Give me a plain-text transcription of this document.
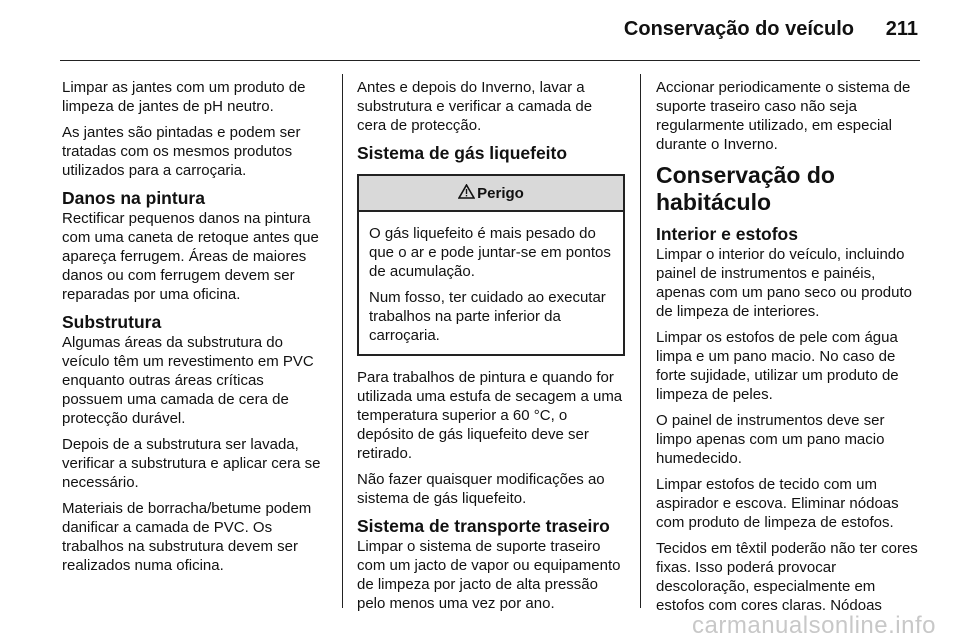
Conservação do veículo 211

Limpar as jantes com um produto de limpeza de jantes de pH neutro.

As jantes são pintadas e podem ser tratadas com os mesmos produtos utilizados para a carroçaria.

Danos na pintura

Rectificar pequenos danos na pintura com uma caneta de retoque antes que apareça ferrugem. Áreas de maiores danos ou com ferrugem devem ser reparadas por uma oficina.

Substrutura

Algumas áreas da substrutura do veículo têm um revestimento em PVC enquanto outras áreas críticas possuem uma camada de cera de protecção durável.

Depois de a substrutura ser lavada, verificar a substrutura e aplicar cera se necessário.

Materiais de borracha/betume podem danificar a camada de PVC. Os trabalhos na substrutura devem ser realizados numa oficina.

Antes e depois do Inverno, lavar a substrutura e verificar a camada de cera de protecção.

Sistema de gás liquefeito
Perigo

O gás liquefeito é mais pesado do que o ar e pode juntar-se em pontos de acumulação.

Num fosso, ter cuidado ao executar trabalhos na parte inferior da carroçaria.

Para trabalhos de pintura e quando for utilizada uma estufa de secagem a uma temperatura superior a 60 °C, o depósito de gás liquefeito deve ser retirado.

Não fazer quaisquer modificações ao sistema de gás liquefeito.

Sistema de transporte traseiro

Limpar o sistema de suporte traseiro com um jacto de vapor ou equipamento de limpeza por jacto de alta pressão pelo menos uma vez por ano.

Accionar periodicamente o sistema de suporte traseiro caso não seja regularmente utilizado, em especial durante o Inverno.

Conservação do habitáculo
Interior e estofos

Limpar o interior do veículo, incluindo painel de instrumentos e painéis, apenas com um pano seco ou produto de limpeza de interiores.

Limpar os estofos de pele com água limpa e um pano macio. No caso de forte sujidade, utilizar um produto de limpeza de peles.

O painel de instrumentos deve ser limpo apenas com um pano macio humedecido.

Limpar estofos de tecido com um aspirador e escova. Eliminar nódoas com produto de limpeza de estofos.

Tecidos em têxtil poderão não ter cores fixas. Isso poderá provocar descoloração, especialmente em estofos com cores claras. Nódoas

carmanualsonline.info
